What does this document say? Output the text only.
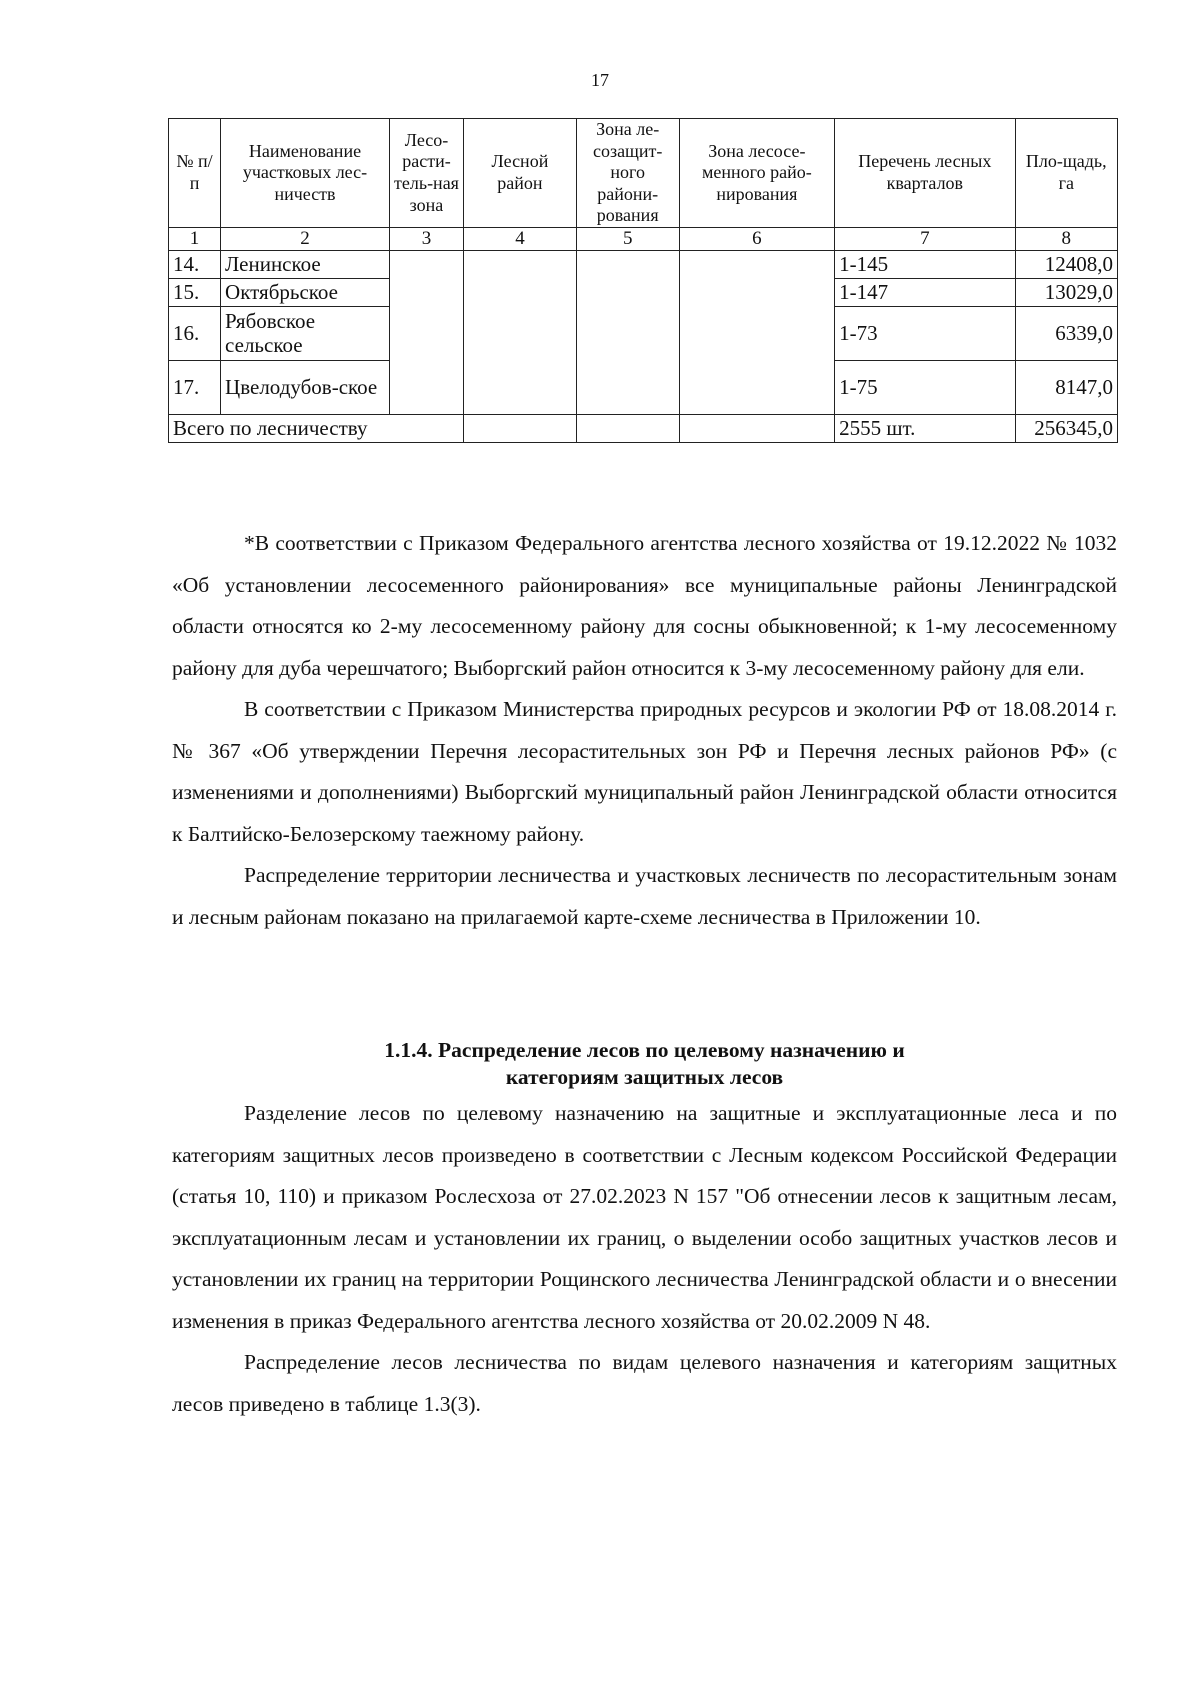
17
№ п/п	Наименование участковых лес-ничеств	Лесо-расти-тель-ная зона	Лесной район	Зона ле-созащит-ного райони-рования	Зона лесосе-менного райо-нирования	Перечень лесных кварталов	Пло-щадь, га
1	2	3	4	5	6	7	8
14.	Ленинское					1-145	12408,0
15.	Октябрьское					1-147	13029,0
16.	Рябовское сельское					1-73	6339,0
17.	Цвелодубов-ское					1-75	8147,0
Всего по лесничеству						2555 шт.	256345,0

*В соответствии с Приказом Федерального агентства лесного хозяйства от 19.12.2022 № 1032 «Об установлении лесосеменного районирования» все муниципальные районы Ленинградской области относятся ко 2-му лесосеменному району для сосны обыкновенной; к 1-му лесосеменному району для дуба черешчатого; Выборгский район относится к 3-му лесосеменному району для ели.

В соответствии с Приказом Министерства природных ресурсов и экологии РФ от 18.08.2014 г. № 367 «Об утверждении Перечня лесорастительных зон РФ и Перечня лесных районов РФ» (с изменениями и дополнениями) Выборгский муниципальный район Ленинградской области относится к Балтийско-Белозерскому таежному району.

Распределение территории лесничества и участковых лесничеств по лесорастительным зонам и лесным районам показано на прилагаемой карте-схеме лесничества в Приложении 10.

1.1.4. Распределение лесов по целевому назначению и
категориям защитных лесов

Разделение лесов по целевому назначению на защитные и эксплуатационные леса и по категориям защитных лесов произведено в соответствии с Лесным кодексом Российской Федерации (статья 10, 110) и приказом Рослесхоза от 27.02.2023 N 157 "Об отнесении лесов к защитным лесам, эксплуатационным лесам и установлении их границ, о выделении особо защитных участков лесов и установлении их границ на территории Рощинского лесничества Ленинградской области и о внесении изменения в приказ Федерального агентства лесного хозяйства от 20.02.2009 N 48.

Распределение лесов лесничества по видам целевого назначения и категориям защитных лесов приведено в таблице 1.3(3).
